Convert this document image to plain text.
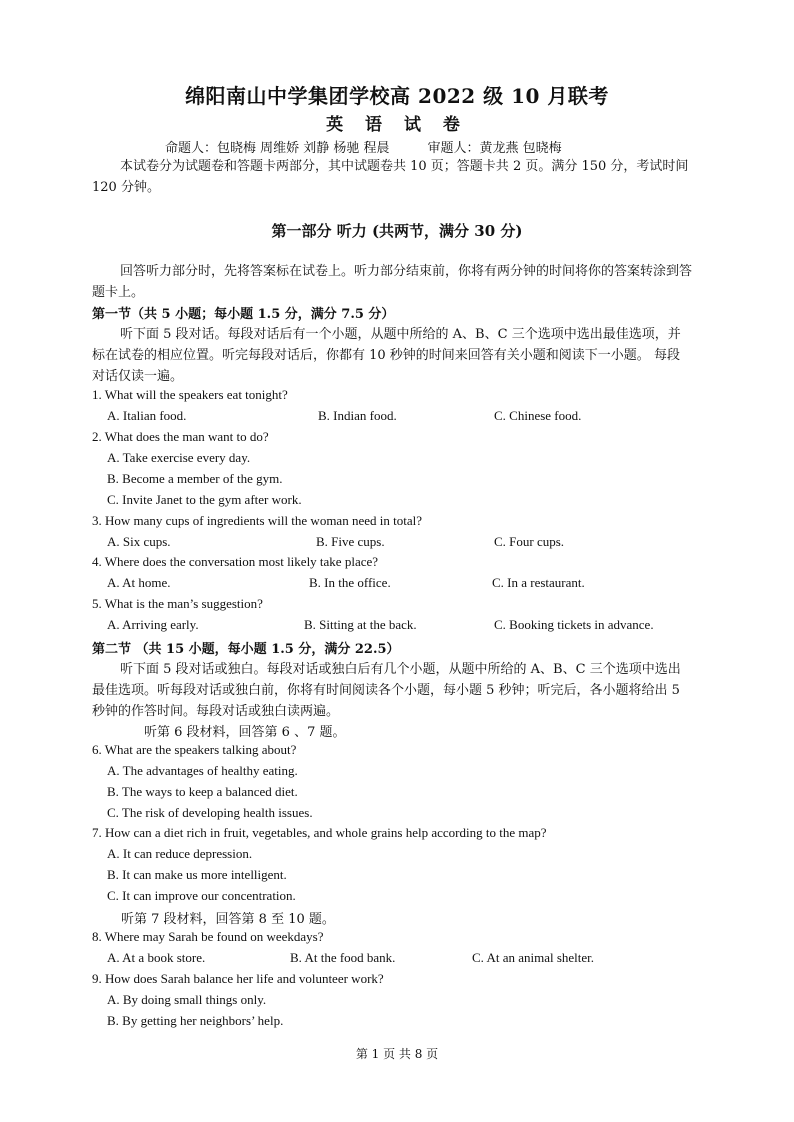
绵阳南山中学集团学校高 2022 级 10 月联考
英 语 试 卷
命题人：包晓梅 周维娇 刘静 杨驰 程晨	审题人：黄龙燕 包晓梅
本试卷分为试题卷和答题卡两部分，其中试题卷共 10 页；答题卡共 2 页。满分 150 分，考试时间 120 分钟。
第一部分 听力 (共两节，满分 30 分)
回答听力部分时，先将答案标在试卷上。听力部分结束前，你将有两分钟的时间将你的答案转涂到答题卡上。
第一节（共 5 小题；每小题 1.5 分，满分 7.5 分）
听下面 5 段对话。每段对话后有一个小题，从题中所给的 A、B、C 三个选项中选出最佳选项，并标在试卷的相应位置。听完每段对话后，你都有 10 秒钟的时间来回答有关小题和阅读下一小题。 每段对话仅读一遍。
1. What will the speakers eat tonight?
A. Italian food.	B. Indian food.	C. Chinese food.
2. What does the man want to do?
A. Take exercise every day.
B. Become a member of the gym.
C. Invite Janet to the gym after work.
3. How many cups of ingredients will the woman need in total?
A. Six cups.	B. Five cups.	C. Four cups.
4. Where does the conversation most likely take place?
A. At home.	B. In the office.	C. In a restaurant.
5. What is the man’s suggestion?
A. Arriving early.	B. Sitting at the back.	C. Booking tickets in advance.
第二节 （共 15 小题，每小题 1.5 分，满分 22.5）
听下面 5 段对话或独白。每段对话或独白后有几个小题，从题中所给的 A、B、C 三个选项中选出最佳选项。听每段对话或独白前，你将有时间阅读各个小题，每小题 5 秒钟；听完后，各小题将给出 5 秒钟的作答时间。每段对话或独白读两遍。
听第 6 段材料，回答第 6 、7 题。
6. What are the speakers talking about?
A. The advantages of healthy eating.
B. The ways to keep a balanced diet.
C. The risk of developing health issues.
7. How can a diet rich in fruit, vegetables, and whole grains help according to the map?
A. It can reduce depression.
B. It can make us more intelligent.
C. It can improve our concentration.
听第 7 段材料，回答第 8 至 10 题。
8. Where may Sarah be found on weekdays?
A. At a book store.	B. At the food bank.	C. At an animal shelter.
9. How does Sarah balance her life and volunteer work?
A. By doing small things only.
B. By getting her neighbors’ help.
第 1 页 共 8 页
